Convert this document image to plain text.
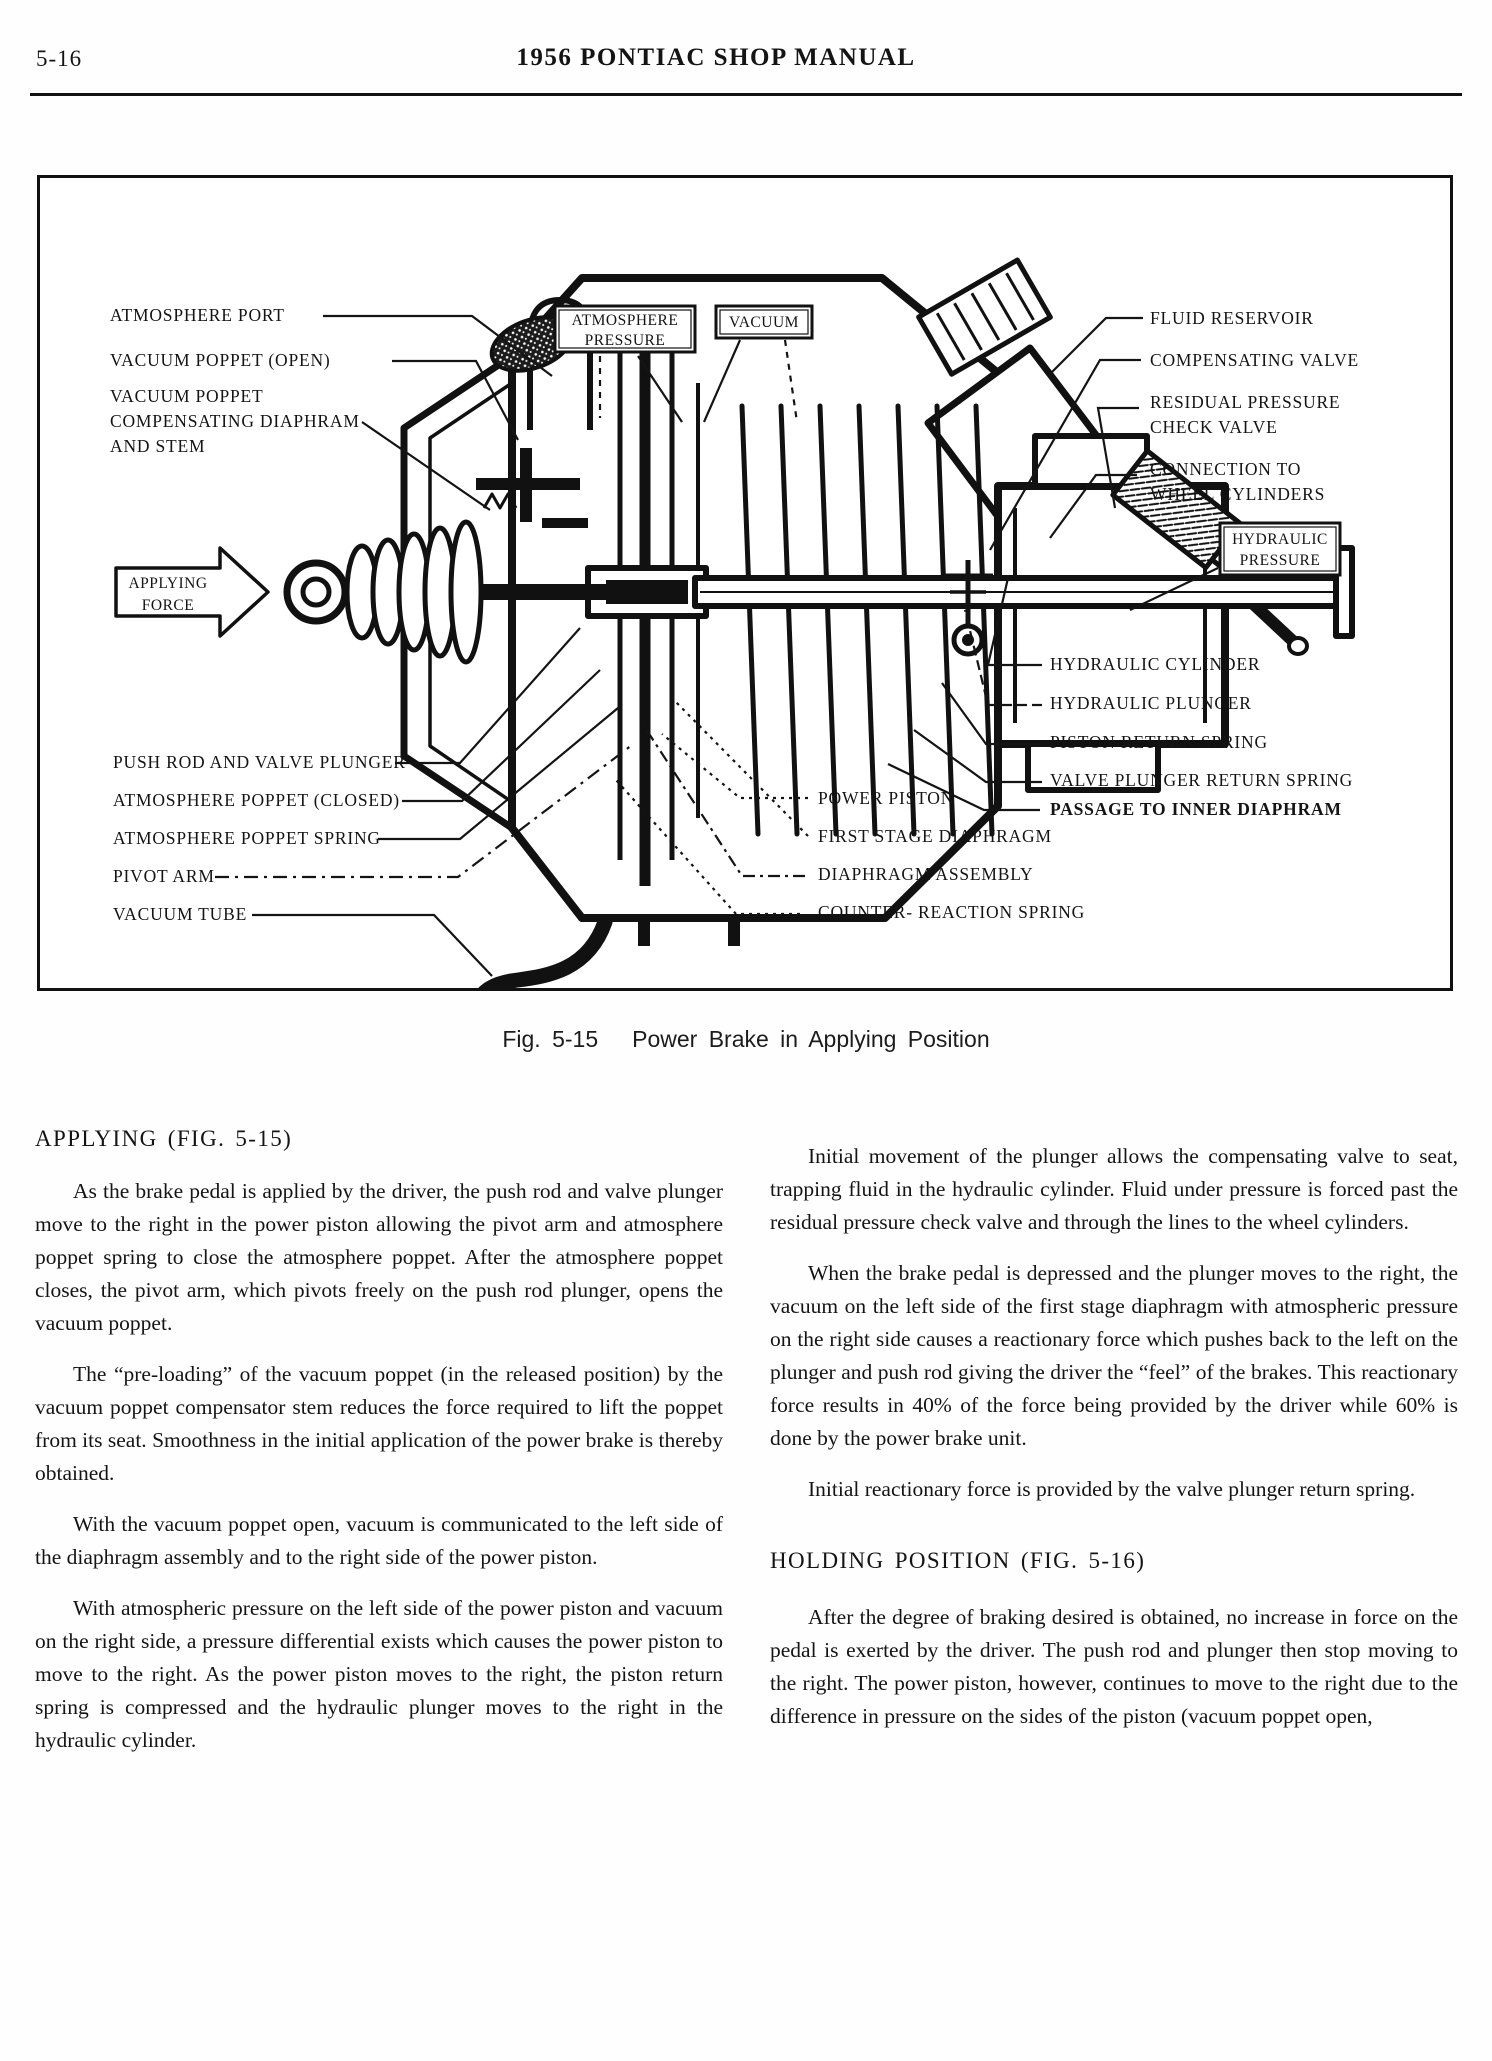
5-16	1956 PONTIAC SHOP MANUAL
ATMOSPHERE
PRESSURE
VACUUM
HYDRAULIC
PRESSURE
APPLYING
FORCE
ATMOSPHERE PORT
VACUUM POPPET (OPEN)
VACUUM POPPET
COMPENSATING DIAPHRAM
AND STEM
PUSH ROD AND VALVE PLUNGER
ATMOSPHERE POPPET (CLOSED)
ATMOSPHERE POPPET SPRING
PIVOT ARM
VACUUM TUBE
FLUID RESERVOIR
COMPENSATING VALVE
RESIDUAL PRESSURE
CHECK VALVE
CONNECTION TO
WHEEL CYLINDERS
HYDRAULIC CYLINDER
HYDRAULIC PLUNGER
PISTON RETURN SPRING
VALVE PLUNGER RETURN SPRING
PASSAGE TO INNER DIAPHRAM
POWER PISTON
FIRST STAGE DIAPHRAGM
DIAPHRAGM ASSEMBLY
COUNTER- REACTION SPRING
Fig. 5-15 Power Brake in Applying Position
APPLYING (FIG. 5-15)

As the brake pedal is applied by the driver, the push rod and valve plunger move to the right in the power piston allowing the pivot arm and atmosphere poppet spring to close the atmosphere poppet. After the atmosphere poppet closes, the pivot arm, which pivots freely on the push rod plunger, opens the vacuum poppet.

The “pre-loading” of the vacuum poppet (in the released position) by the vacuum poppet compensator stem reduces the force required to lift the poppet from its seat. Smoothness in the initial application of the power brake is thereby obtained.

With the vacuum poppet open, vacuum is communicated to the left side of the diaphragm assembly and to the right side of the power piston.

With atmospheric pressure on the left side of the power piston and vacuum on the right side, a pressure differential exists which causes the power piston to move to the right. As the power piston moves to the right, the piston return spring is compressed and the hydraulic plunger moves to the right in the hydraulic cylinder.

Initial movement of the plunger allows the compensating valve to seat, trapping fluid in the hydraulic cylinder. Fluid under pressure is forced past the residual pressure check valve and through the lines to the wheel cylinders.

When the brake pedal is depressed and the plunger moves to the right, the vacuum on the left side of the first stage diaphragm with atmospheric pressure on the right side causes a reactionary force which pushes back to the left on the plunger and push rod giving the driver the “feel” of the brakes. This reactionary force results in 40% of the force being provided by the driver while 60% is done by the power brake unit.

Initial reactionary force is provided by the valve plunger return spring.

HOLDING POSITION (FIG. 5-16)

After the degree of braking desired is obtained, no increase in force on the pedal is exerted by the driver. The push rod and plunger then stop moving to the right. The power piston, however, continues to move to the right due to the difference in pressure on the sides of the piston (vacuum poppet open,
